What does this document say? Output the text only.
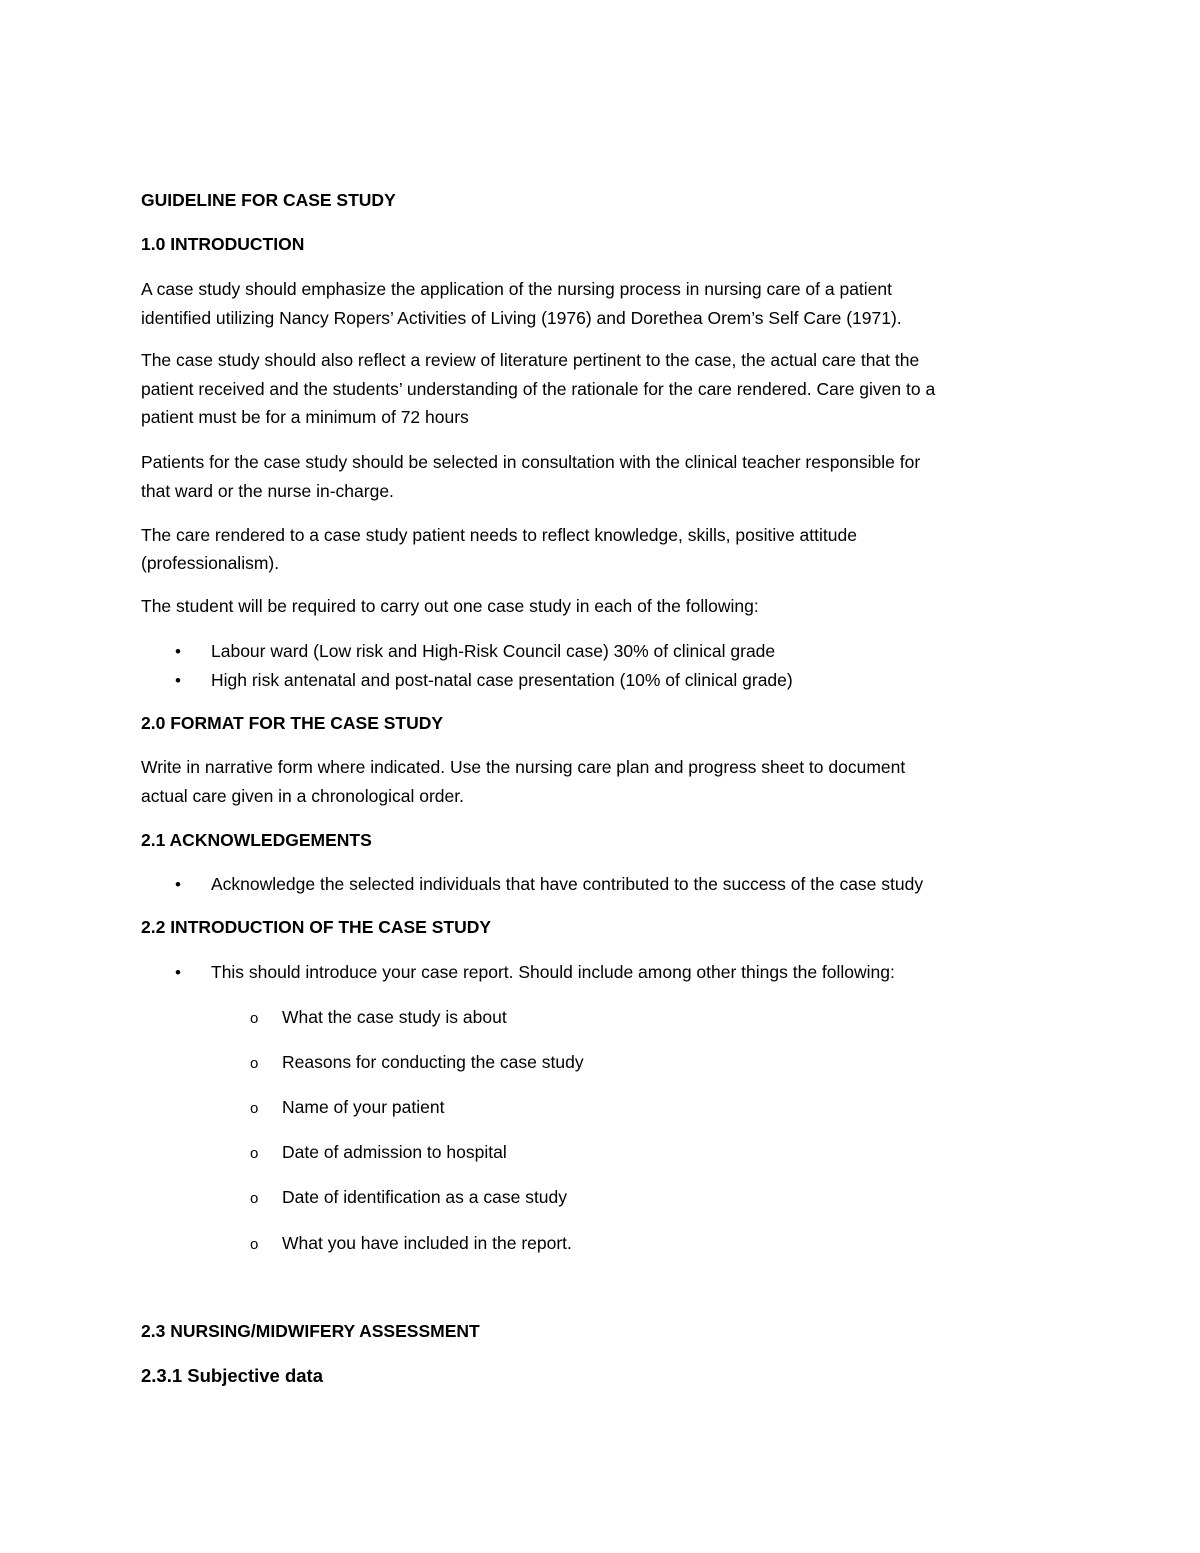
GUIDELINE FOR CASE STUDY

1.0 INTRODUCTION

A case study should emphasize the application of the nursing process in nursing care of a patient

identified utilizing Nancy Ropers’ Activities of Living (1976) and Dorethea Orem’s Self Care (1971).

The case study should also reflect a review of literature pertinent to the case, the actual care that the

patient received and the students’ understanding of the rationale for the care rendered. Care given to a

patient must be for a minimum of 72 hours

Patients for the case study should be selected in consultation with the clinical teacher responsible for

that ward or the nurse in-charge.

The care rendered to a case study patient needs to reflect knowledge, skills, positive attitude

(professionalism).

The student will be required to carry out one case study in each of the following:

• Labour ward (Low risk and High-Risk Council case) 30% of clinical grade

• High risk antenatal and post-natal case presentation (10% of clinical grade)

2.0 FORMAT FOR THE CASE STUDY

Write in narrative form where indicated. Use the nursing care plan and progress sheet to document

actual care given in a chronological order.

2.1 ACKNOWLEDGEMENTS

• Acknowledge the selected individuals that have contributed to the success of the case study

2.2 INTRODUCTION OF THE CASE STUDY

• This should introduce your case report. Should include among other things the following:

o What the case study is about

o Reasons for conducting the case study

o Name of your patient

o Date of admission to hospital

o Date of identification as a case study

o What you have included in the report.

2.3 NURSING/MIDWIFERY ASSESSMENT

2.3.1 Subjective data
